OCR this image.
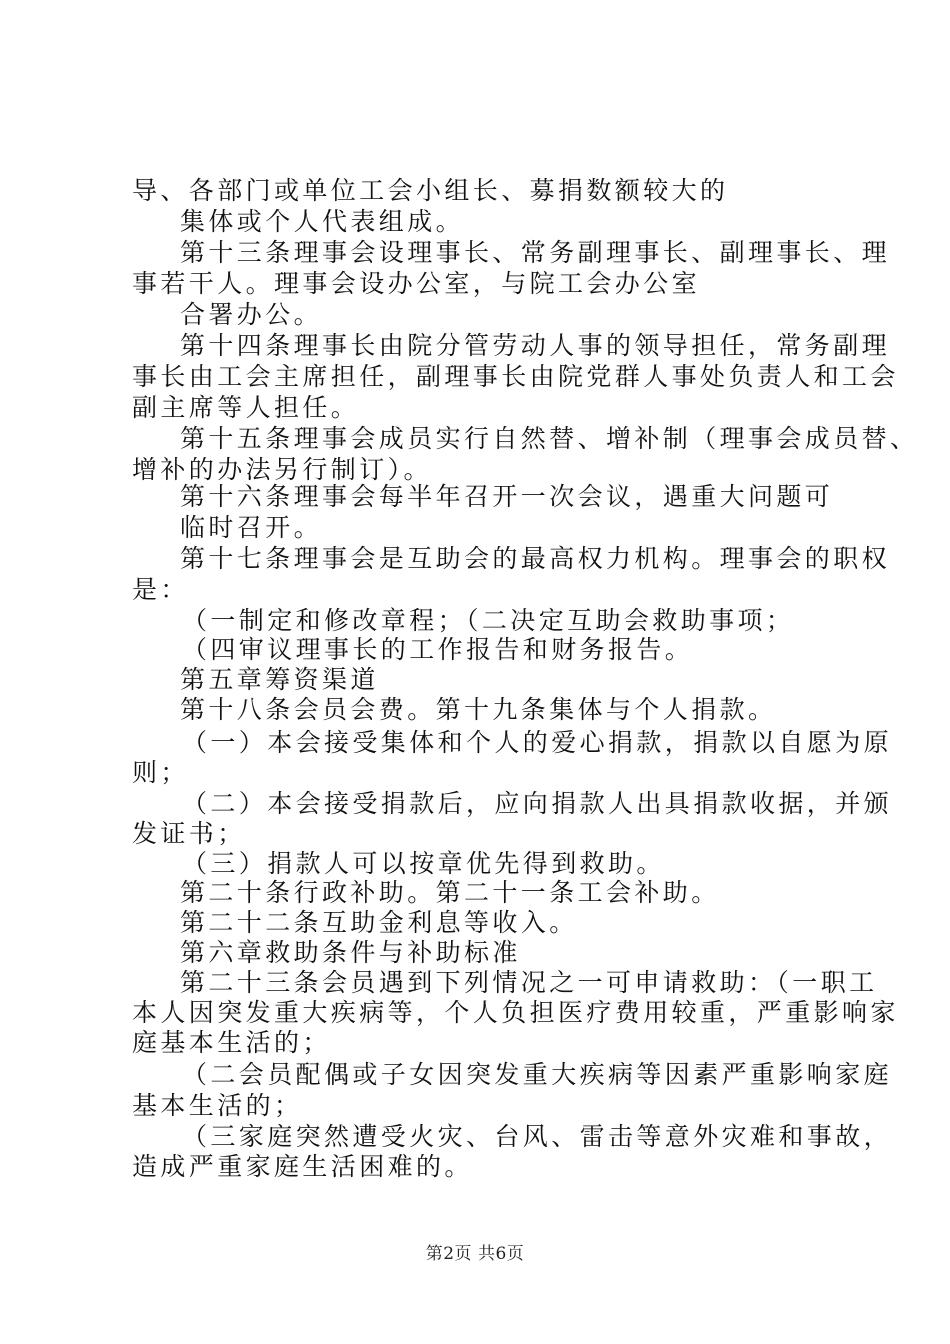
导、各部门或单位工会小组长、募捐数额较大的
集体或个人代表组成。
第十三条理事会设理事长、常务副理事长、副理事长、理
事若干人。理事会设办公室，与院工会办公室
合署办公。
第十四条理事长由院分管劳动人事的领导担任，常务副理
事长由工会主席担任，副理事长由院党群人事处负责人和工会
副主席等人担任。
第十五条理事会成员实行自然替、增补制（理事会成员替、
增补的办法另行制订）。
第十六条理事会每半年召开一次会议，遇重大问题可
临时召开。
第十七条理事会是互助会的最高权力机构。理事会的职权
是：
（一制定和修改章程；（二决定互助会救助事项；
（四审议理事长的工作报告和财务报告。
第五章筹资渠道
第十八条会员会费。第十九条集体与个人捐款。
（一）本会接受集体和个人的爱心捐款，捐款以自愿为原
则；
（二）本会接受捐款后，应向捐款人出具捐款收据，并颁
发证书；
（三）捐款人可以按章优先得到救助。
第二十条行政补助。第二十一条工会补助。
第二十二条互助金利息等收入。
第六章救助条件与补助标准
第二十三条会员遇到下列情况之一可申请救助：（一职工
本人因突发重大疾病等，个人负担医疗费用较重，严重影响家
庭基本生活的；
（二会员配偶或子女因突发重大疾病等因素严重影响家庭
基本生活的；
（三家庭突然遭受火灾、台风、雷击等意外灾难和事故，
造成严重家庭生活困难的。
第2页 共6页
